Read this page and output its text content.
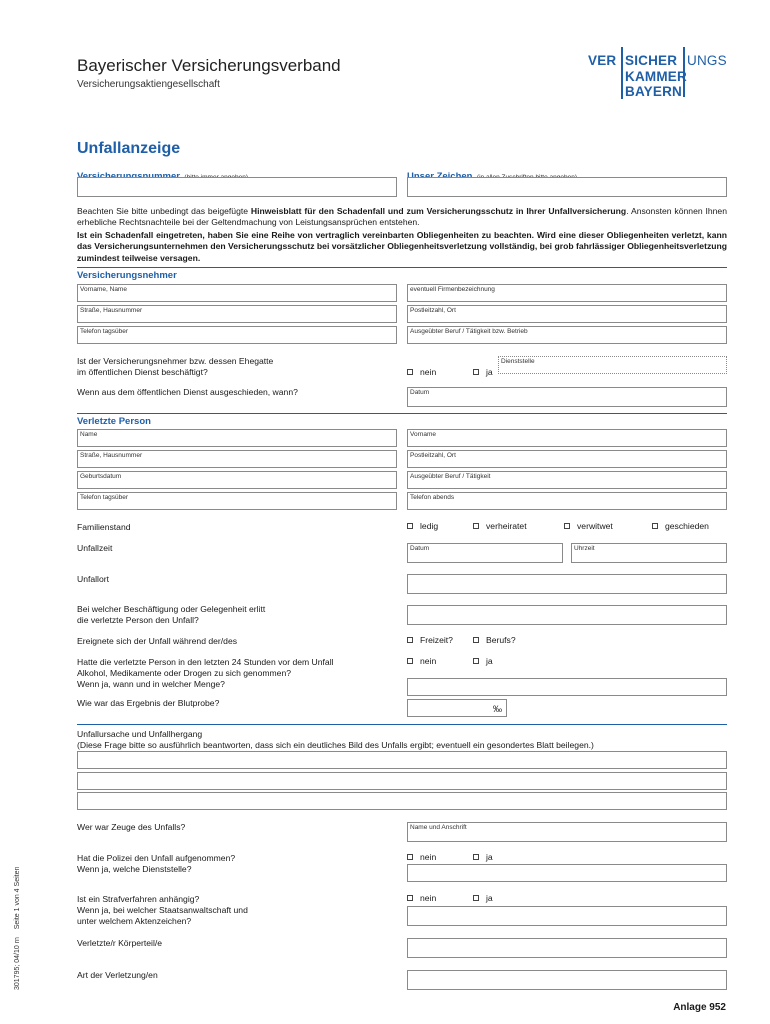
Bayerischer Versicherungsverband
Versicherungsaktiengesellschaft
VER SICHER UNGS
KAMMER
BAYERN
Unfallanzeige
Beachten Sie bitte unbedingt das beigefügte Hinweisblatt für den Schadenfall und zum Versicherungsschutz in Ihrer Unfallversicherung. Ansonsten können Ihnen erhebliche Rechtsnachteile bei der Geltendmachung von Leistungsansprüchen entstehen.
Ist ein Schadenfall eingetreten, haben Sie eine Reihe von vertraglich vereinbarten Obliegenheiten zu beachten. Wird eine dieser Obliegenheiten verletzt, kann das Versicherungsunternehmen den Versicherungsschutz bei vorsätzlicher Obliegenheitsverletzung vollständig, bei grob fahrlässiger Obliegenheitsverletzung zumindest teilweise versagen.
Versicherungsnehmer
Vorname, Name	eventuell Firmenbezeichnung
Straße, Hausnummer	Postleitzahl, Ort
Telefon tagsüber	Ausgeübter Beruf / Tätigkeit bzw. Betrieb
Ist der Versicherungsnehmer bzw. dessen Ehegatte
im öffentlichen Dienst beschäftigt?	nein	ja
Dienststelle
Wenn aus dem öffentlichen Dienst ausgeschieden, wann?	Datum
Verletzte Person
Name	Vorname
Straße, Hausnummer	Postleitzahl, Ort
Geburtsdatum	Ausgeübter Beruf / Tätigkeit
Telefon tagsüber	Telefon abends
Familienstand	ledig	verheiratet	verwitwet	geschieden
Unfallzeit	Datum	Uhrzeit
Unfallort
Bei welcher Beschäftigung oder Gelegenheit erlitt
die verletzte Person den Unfall?
Ereignete sich der Unfall während der/des	Freizeit?	Berufs?
Hatte die verletzte Person in den letzten 24 Stunden vor dem Unfall
Alkohol, Medikamente oder Drogen zu sich genommen?
Wenn ja, wann und in welcher Menge?
nein	ja
Wie war das Ergebnis der Blutprobe?
‰
Unfallursache und Unfallhergang
(Diese Frage bitte so ausführlich beantworten, dass sich ein deutliches Bild des Unfalls ergibt; eventuell ein gesondertes Blatt beilegen.)
Wer war Zeuge des Unfalls?	Name und Anschrift
Hat die Polizei den Unfall aufgenommen?
Wenn ja, welche Dienststelle?
nein	ja
Ist ein Strafverfahren anhängig?
Wenn ja, bei welcher Staatsanwaltschaft und
unter welchem Aktenzeichen?
nein	ja
Verletzte/r Körperteil/e
Art der Verletzung/en
301795; 04/10 rn    Seite 1 von 4 Seiten
Anlage 952
